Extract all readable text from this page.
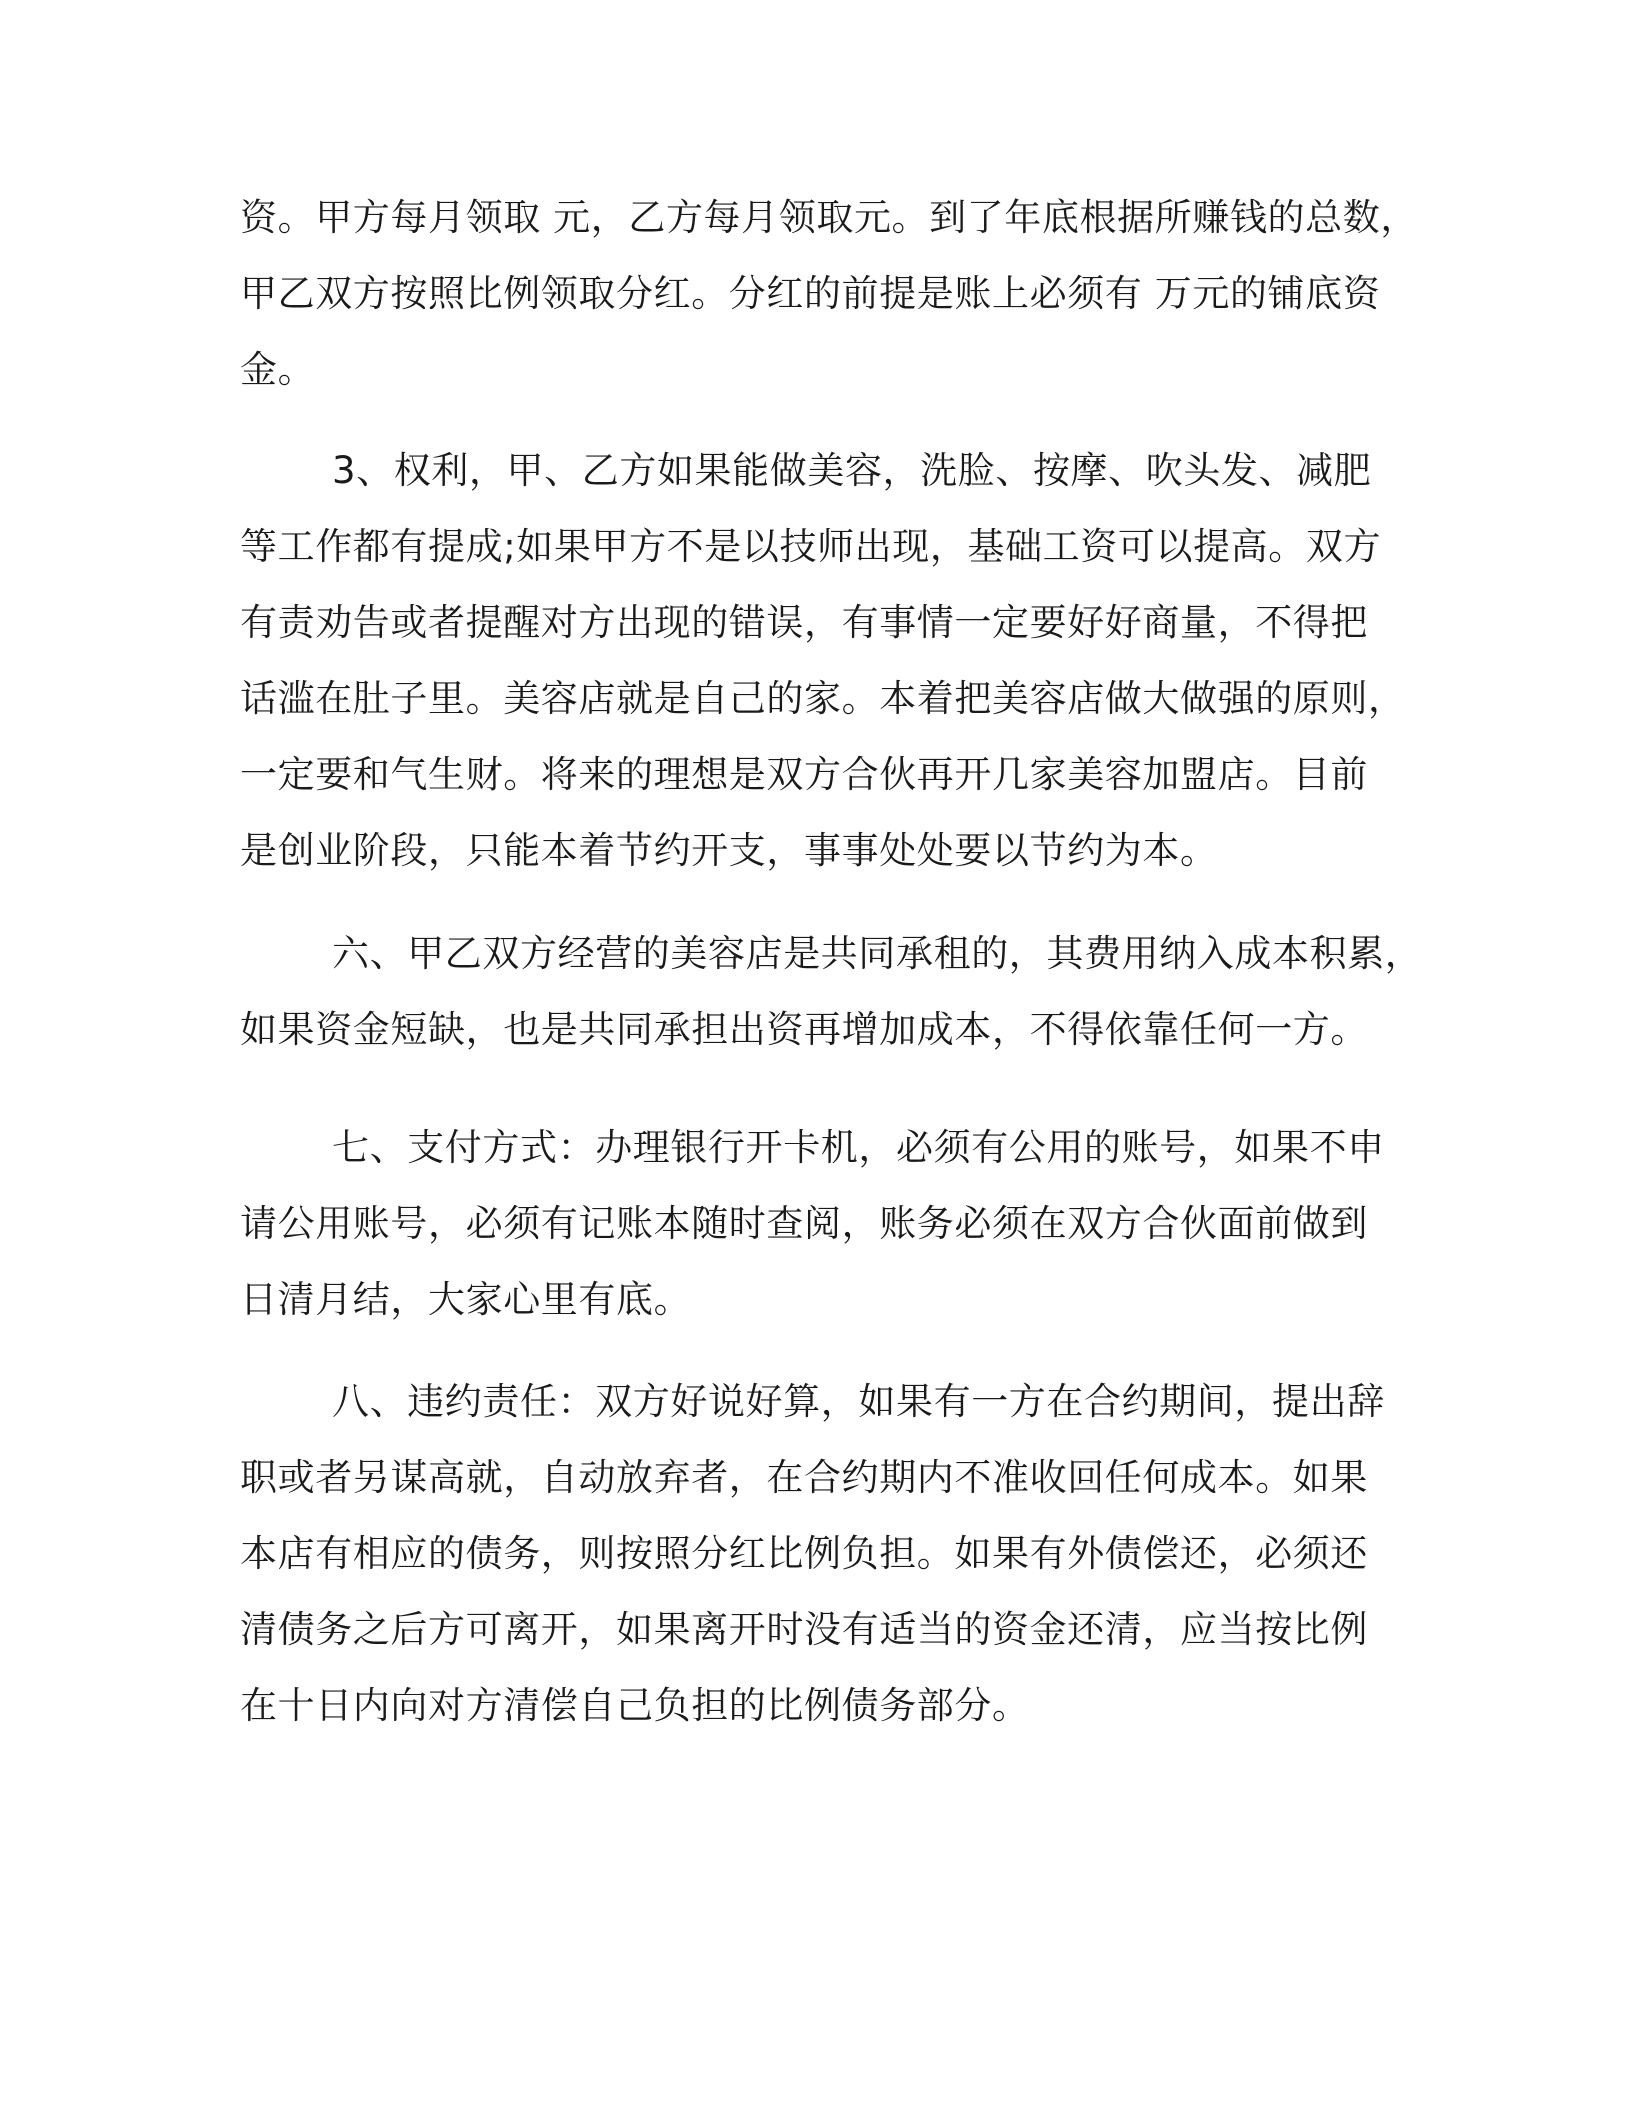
资。甲方每月领取 元，乙方每月领取元。到了年底根据所赚钱的总数，
甲乙双方按照比例领取分红。分红的前提是账上必须有 万元的铺底资
金。
3、权利，甲、乙方如果能做美容，洗脸、按摩、吹头发、减肥
等工作都有提成;如果甲方不是以技师出现，基础工资可以提高。双方
有责劝告或者提醒对方出现的错误，有事情一定要好好商量，不得把
话滥在肚子里。美容店就是自己的家。本着把美容店做大做强的原则，
一定要和气生财。将来的理想是双方合伙再开几家美容加盟店。目前
是创业阶段，只能本着节约开支，事事处处要以节约为本。
六、甲乙双方经营的美容店是共同承租的，其费用纳入成本积累，
如果资金短缺，也是共同承担出资再增加成本，不得依靠任何一方。
七、支付方式：办理银行开卡机，必须有公用的账号，如果不申
请公用账号，必须有记账本随时查阅，账务必须在双方合伙面前做到
日清月结，大家心里有底。
八、违约责任：双方好说好算，如果有一方在合约期间，提出辞
职或者另谋高就，自动放弃者，在合约期内不准收回任何成本。如果
本店有相应的债务，则按照分红比例负担。如果有外债偿还，必须还
清债务之后方可离开，如果离开时没有适当的资金还清，应当按比例
在十日内向对方清偿自己负担的比例债务部分。
